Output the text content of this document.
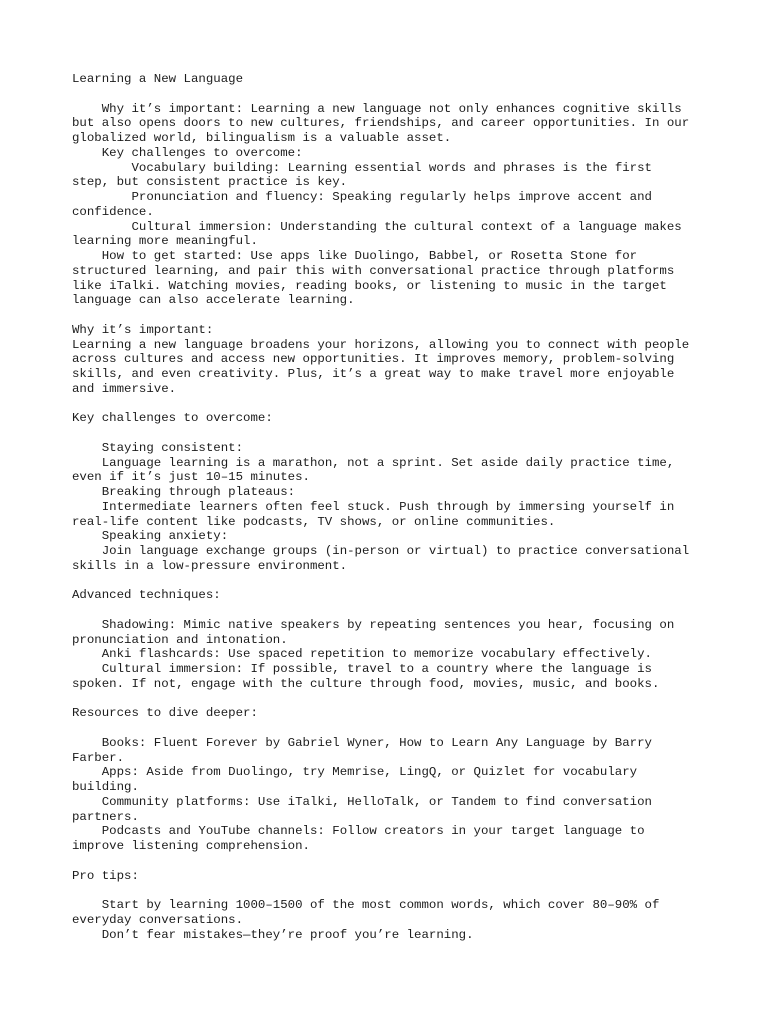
Learning a New Language
Why it’s important: Learning a new language not only enhances cognitive skills
but also opens doors to new cultures, friendships, and career opportunities. In our
globalized world, bilingualism is a valuable asset.
Key challenges to overcome:
Vocabulary building: Learning essential words and phrases is the first
step, but consistent practice is key.
Pronunciation and fluency: Speaking regularly helps improve accent and
confidence.
Cultural immersion: Understanding the cultural context of a language makes
learning more meaningful.
How to get started: Use apps like Duolingo, Babbel, or Rosetta Stone for
structured learning, and pair this with conversational practice through platforms
like iTalki. Watching movies, reading books, or listening to music in the target
language can also accelerate learning.
Why it’s important:
Learning a new language broadens your horizons, allowing you to connect with people
across cultures and access new opportunities. It improves memory, problem-solving
skills, and even creativity. Plus, it’s a great way to make travel more enjoyable
and immersive.
Key challenges to overcome:
Staying consistent:
Language learning is a marathon, not a sprint. Set aside daily practice time,
even if it’s just 10–15 minutes.
Breaking through plateaus:
Intermediate learners often feel stuck. Push through by immersing yourself in
real-life content like podcasts, TV shows, or online communities.
Speaking anxiety:
Join language exchange groups (in-person or virtual) to practice conversational
skills in a low-pressure environment.
Advanced techniques:
Shadowing: Mimic native speakers by repeating sentences you hear, focusing on
pronunciation and intonation.
Anki flashcards: Use spaced repetition to memorize vocabulary effectively.
Cultural immersion: If possible, travel to a country where the language is
spoken. If not, engage with the culture through food, movies, music, and books.
Resources to dive deeper:
Books: Fluent Forever by Gabriel Wyner, How to Learn Any Language by Barry
Farber.
Apps: Aside from Duolingo, try Memrise, LingQ, or Quizlet for vocabulary
building.
Community platforms: Use iTalki, HelloTalk, or Tandem to find conversation
partners.
Podcasts and YouTube channels: Follow creators in your target language to
improve listening comprehension.
Pro tips:
Start by learning 1000–1500 of the most common words, which cover 80–90% of
everyday conversations.
Don’t fear mistakes—they’re proof you’re learning.
